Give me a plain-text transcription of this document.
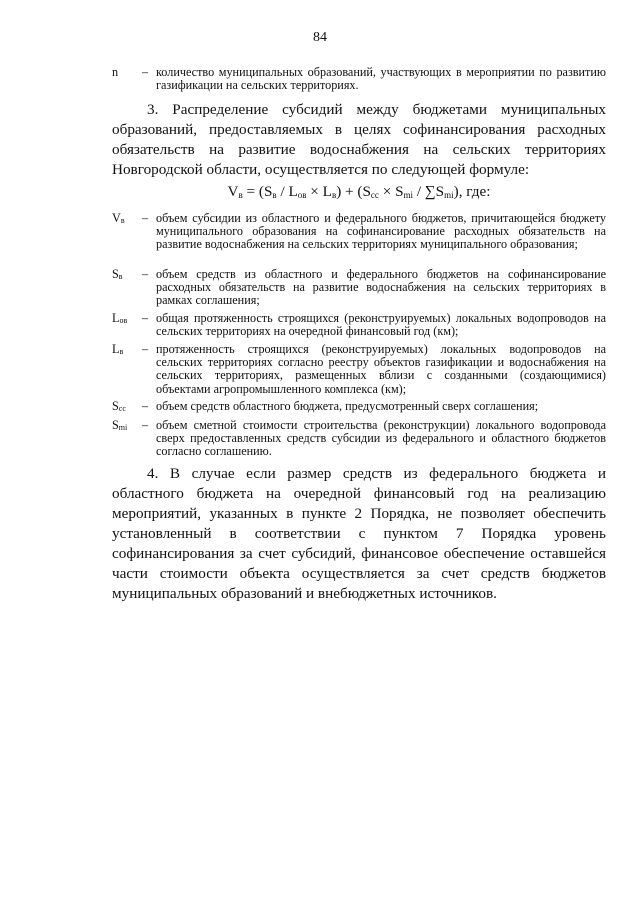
84
n	– количество муниципальных образований, участвующих в мероприятии по развитию газификации на сельских территориях.

3. Распределение субсидий между бюджетами муниципальных образований, предоставляемых в целях софинансирования расходных обязательств на развитие водоснабжения на сельских территориях Новгородской области, осуществляется по следующей формуле:

$V_в = (S_в / L_{ов} \times L_в) + (S_{cc} \times S_{mi} / \sum S_{mi})$, где:
$V_в$	– объем субсидии из областного и федерального бюджетов, причитающейся бюджету муниципального образования на софинансирование расходных обязательств на развитие водоснабжения на сельских территориях муниципального образования;
$S_в$	– объем средств из областного и федерального бюджетов на софинансирование расходных обязательств на развитие водоснабжения на сельских территориях в рамках соглашения;
$L_{ов}$	– общая протяженность строящихся (реконструируемых) локальных водопроводов на сельских территориях на очередной финансовый год (км);
$L_в$	– протяженность строящихся (реконструируемых) локальных водопроводов на сельских территориях согласно реестру объектов газификации и водоснабжения на сельских территориях, размещенных вблизи с созданными (создающимися) объектами агропромышленного комплекса (км);
$S_{cc}$	– объем средств областного бюджета, предусмотренный сверх соглашения;
$S_{mi}$	– объем сметной стоимости строительства (реконструкции) локального водопровода сверх предоставленных средств субсидии из федерального и областного бюджетов согласно соглашению.

4. В случае если размер средств из федерального бюджета и областного бюджета на очередной финансовый год на реализацию мероприятий, указанных в пункте 2 Порядка, не позволяет обеспечить установленный в соответствии с пунктом 7 Порядка уровень софинансирования за счет субсидий, финансовое обеспечение оставшейся части стоимости объекта осуществляется за счет средств бюджетов муниципальных образований и внебюджетных источников.
